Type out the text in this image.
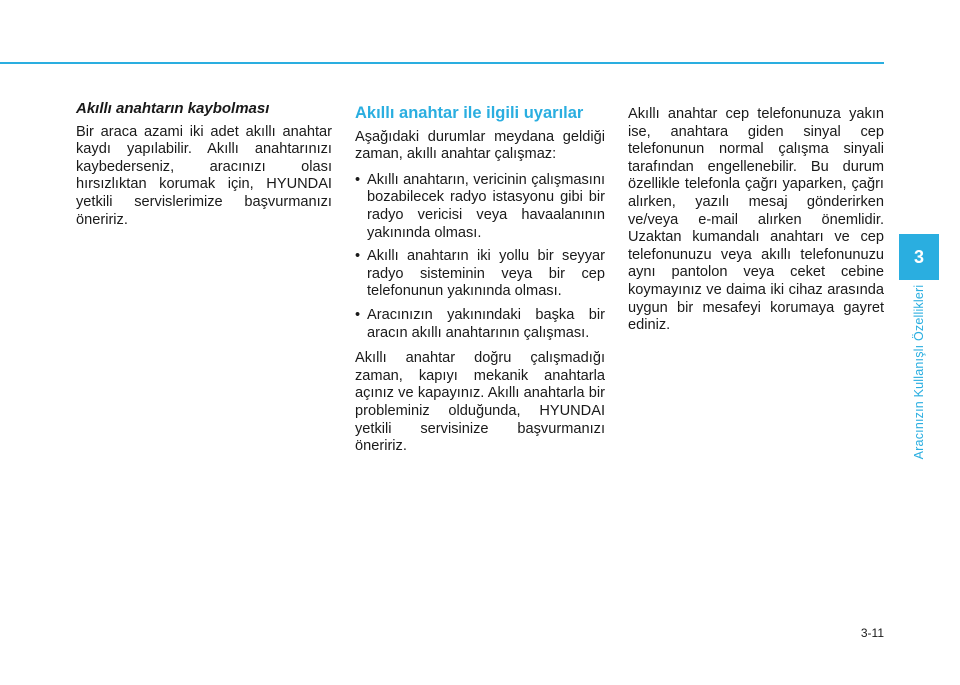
Akıllı anahtarın kaybolması

Bir araca azami iki adet akıllı anahtar kaydı yapılabilir. Akıllı anahtarınızı kaybederseniz, aracınızı olası hırsızlıktan korumak için, HYUNDAI yetkili servislerimize başvurmanızı öneririz.

Akıllı anahtar ile ilgili uyarılar

Aşağıdaki durumlar meydana geldiği zaman, akıllı anahtar çalışmaz:

• Akıllı anahtarın, vericinin çalışmasını bozabilecek radyo istasyonu gibi bir radyo vericisi veya havaalanının yakınında olması.
• Akıllı anahtarın iki yollu bir seyyar radyo sisteminin veya bir cep telefonunun yakınında olması.
• Aracınızın yakınındaki başka bir aracın akıllı anahtarının çalışması.

Akıllı anahtar doğru çalışmadığı zaman, kapıyı mekanik anahtarla açınız ve kapayınız. Akıllı anahtarla bir probleminiz olduğunda, HYUNDAI yetkili servisinize başvurmanızı öneririz.

Akıllı anahtar cep telefonunuza yakın ise, anahtara giden sinyal cep telefonunun normal çalışma sinyali tarafından engellenebilir. Bu durum özellikle telefonla çağrı yaparken, çağrı alırken, yazılı mesaj gönderirken ve/veya e-mail alırken önemlidir. Uzaktan kumandalı anahtarı ve cep telefonunuzu veya akıllı telefonunuzu aynı pantolon veya ceket cebine koymayınız ve daima iki cihaz arasında uygun bir mesafeyi korumaya gayret ediniz.

3
Aracınızın Kullanışlı Özellikleri
3-11
